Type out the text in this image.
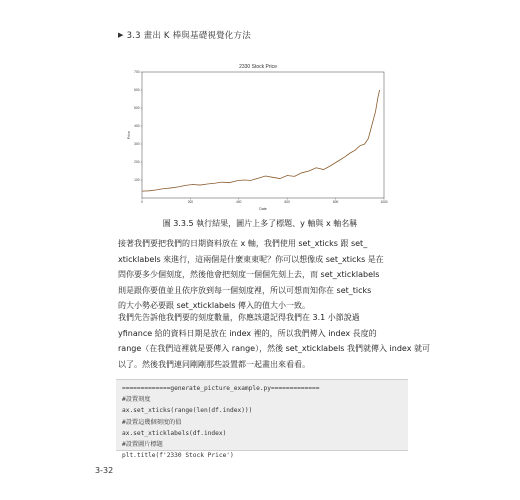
▶ 3.3 畫出 K 棒與基礎視覺化方法
2330 Stock Price
Price
Date
0	200	400	600	800	1000
100
200
300
400
500
600
700
圖 3.3.5 執行結果，圖片上多了標題、y 軸與 x 軸名稱
接著我們要把我們的日期資料放在 x 軸，我們使用 set_xticks 跟 set_
xticklabels 來進行，這兩個是什麼東東呢？你可以想像成 set_xticks 是在
問你要多少個刻度，然後他會把刻度一個個先刻上去，而 set_xticklabels
則是跟你要值並且依序放到每一個刻度裡，所以可想而知你在 set_ticks
的大小勢必要跟 set_xticklabels 傳入的值大小一致。
我們先告訴他我們要的刻度數量，你應該還記得我們在 3.1 小節說過
yfinance 給的資料日期是放在 index 裡的，所以我們傳入 index 長度的
range（在我們這裡就是要傳入 range），然後 set_xticklabels 我們就傳入 index 就可
以了。然後我們連同剛剛那些設置都一起畫出來看看。
=============generate_picture_example.py=============
#設置刻度
ax.set_xticks(range(len(df.index)))
#設置這幾個刻度的值
ax.set_xticklabels(df.index)
#設置圖片標題
plt.title(f'2330 Stock Price')
3-32
